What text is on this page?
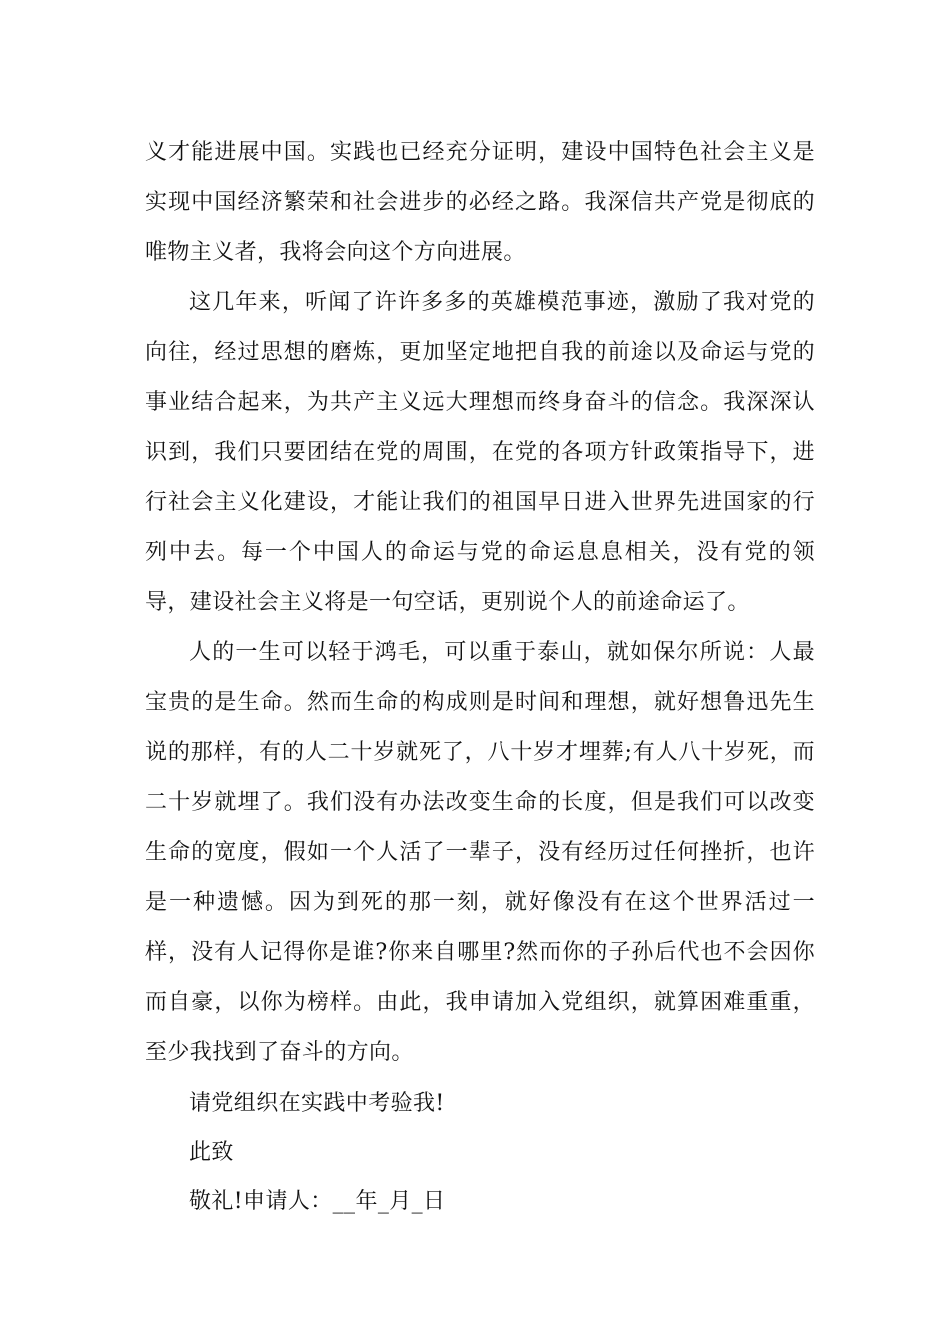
义才能进展中国。实践也已经充分证明，建设中国特色社会主义是实现中国经济繁荣和社会进步的必经之路。我深信共产党是彻底的唯物主义者，我将会向这个方向进展。

这几年来，听闻了许许多多的英雄模范事迹，激励了我对党的向往，经过思想的磨炼，更加坚定地把自我的前途以及命运与党的事业结合起来，为共产主义远大理想而终身奋斗的信念。我深深认识到，我们只要团结在党的周围，在党的各项方针政策指导下，进行社会主义化建设，才能让我们的祖国早日进入世界先进国家的行列中去。每一个中国人的命运与党的命运息息相关，没有党的领导，建设社会主义将是一句空话，更别说个人的前途命运了。

人的一生可以轻于鸿毛，可以重于泰山，就如保尔所说：人最宝贵的是生命。然而生命的构成则是时间和理想，就好想鲁迅先生说的那样，有的人二十岁就死了，八十岁才埋葬;有人八十岁死，而二十岁就埋了。我们没有办法改变生命的长度，但是我们可以改变生命的宽度，假如一个人活了一辈子，没有经历过任何挫折，也许是一种遗憾。因为到死的那一刻，就好像没有在这个世界活过一样，没有人记得你是谁?你来自哪里?然而你的子孙后代也不会因你而自豪，以你为榜样。由此，我申请加入党组织，就算困难重重，至少我找到了奋斗的方向。

请党组织在实践中考验我!
此致
敬礼!申请人：__年_月_日
